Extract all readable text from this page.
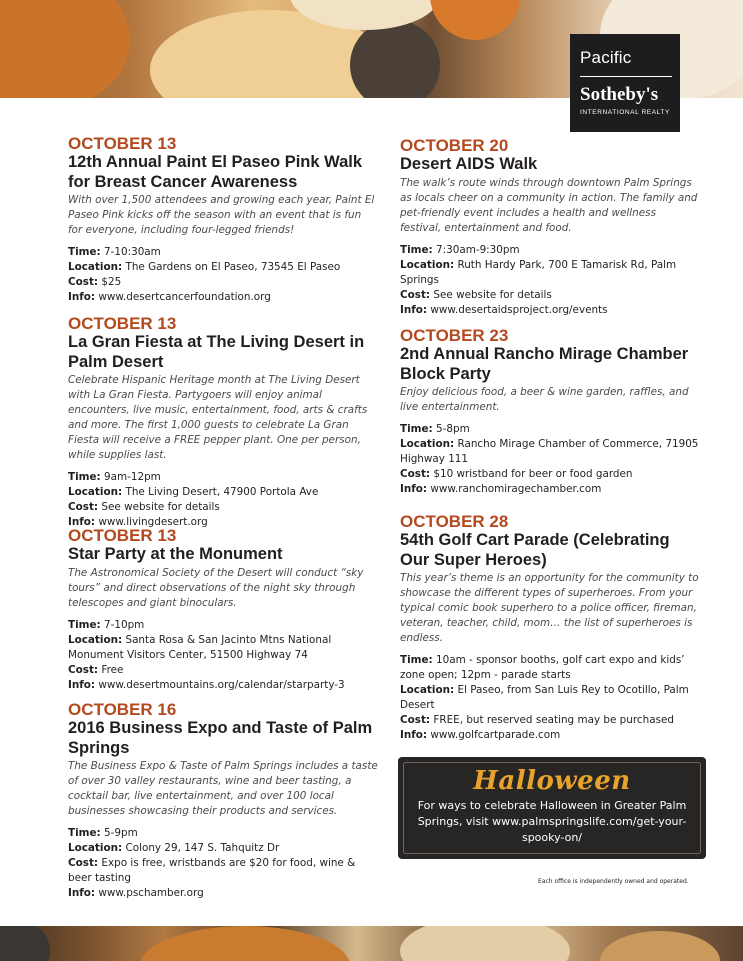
Pacific
Sotheby's
INTERNATIONAL REALTY
OCTOBER 13
12th Annual Paint El Paseo Pink Walk for Breast Cancer Awareness
With over 1,500 attendees and growing each year, Paint El Paseo Pink kicks off the season with an event that is fun for everyone, including four-legged friends!
Time: 7-10:30am
Location: The Gardens on El Paseo, 73545 El Paseo
Cost: $25
Info: www.desertcancerfoundation.org
OCTOBER 13
La Gran Fiesta at The Living Desert in Palm Desert
Celebrate Hispanic Heritage month at The Living Desert with La Gran Fiesta. Partygoers will enjoy animal encounters, live music, entertainment, food, arts & crafts and more. The first 1,000 guests to celebrate La Gran Fiesta will receive a FREE pepper plant. One per person, while supplies last.
Time: 9am-12pm
Location: The Living Desert, 47900 Portola Ave
Cost: See website for details
Info: www.livingdesert.org
OCTOBER 13
Star Party at the Monument
The Astronomical Society of the Desert will conduct “sky tours” and direct observations of the night sky through telescopes and giant binoculars.
Time: 7-10pm
Location: Santa Rosa & San Jacinto Mtns National Monument Visitors Center, 51500 Highway 74
Cost: Free
Info: www.desertmountains.org/calendar/starparty-3
OCTOBER 16
2016 Business Expo and Taste of Palm Springs
The Business Expo & Taste of Palm Springs includes a taste of over 30 valley restaurants, wine and beer tasting, a cocktail bar, live entertainment, and over 100 local businesses showcasing their products and services.
Time: 5-9pm
Location: Colony 29, 147 S. Tahquitz Dr
Cost: Expo is free, wristbands are $20 for food, wine & beer tasting
Info: www.pschamber.org
OCTOBER 20
Desert AIDS Walk
The walk’s route winds through downtown Palm Springs as locals cheer on a community in action. The family and pet-friendly event includes a health and wellness festival, entertainment and food.
Time: 7:30am-9:30pm
Location: Ruth Hardy Park, 700 E Tamarisk Rd, Palm Springs
Cost: See website for details
Info: www.desertaidsproject.org/events
OCTOBER 23
2nd Annual Rancho Mirage Chamber Block Party
Enjoy delicious food, a beer & wine garden, raffles, and live entertainment.
Time: 5-8pm
Location: Rancho Mirage Chamber of Commerce, 71905 Highway 111
Cost: $10 wristband for beer or food garden
Info: www.ranchomiragechamber.com
OCTOBER 28
54th Golf Cart Parade (Celebrating Our Super Heroes)
This year’s theme is an opportunity for the community to showcase the different types of superheroes. From your typical comic book superhero to a police officer, fireman, veteran, teacher, child, mom… the list of superheroes is endless.
Time: 10am - sponsor booths, golf cart expo and kids’ zone open; 12pm - parade starts
Location: El Paseo, from San Luis Rey to Ocotillo, Palm Desert
Cost: FREE, but reserved seating may be purchased
Info: www.golfcartparade.com
Halloween
For ways to celebrate Halloween in Greater Palm Springs, visit www.palmspringslife.com/get-your-spooky-on/
Each office is independently owned and operated.
